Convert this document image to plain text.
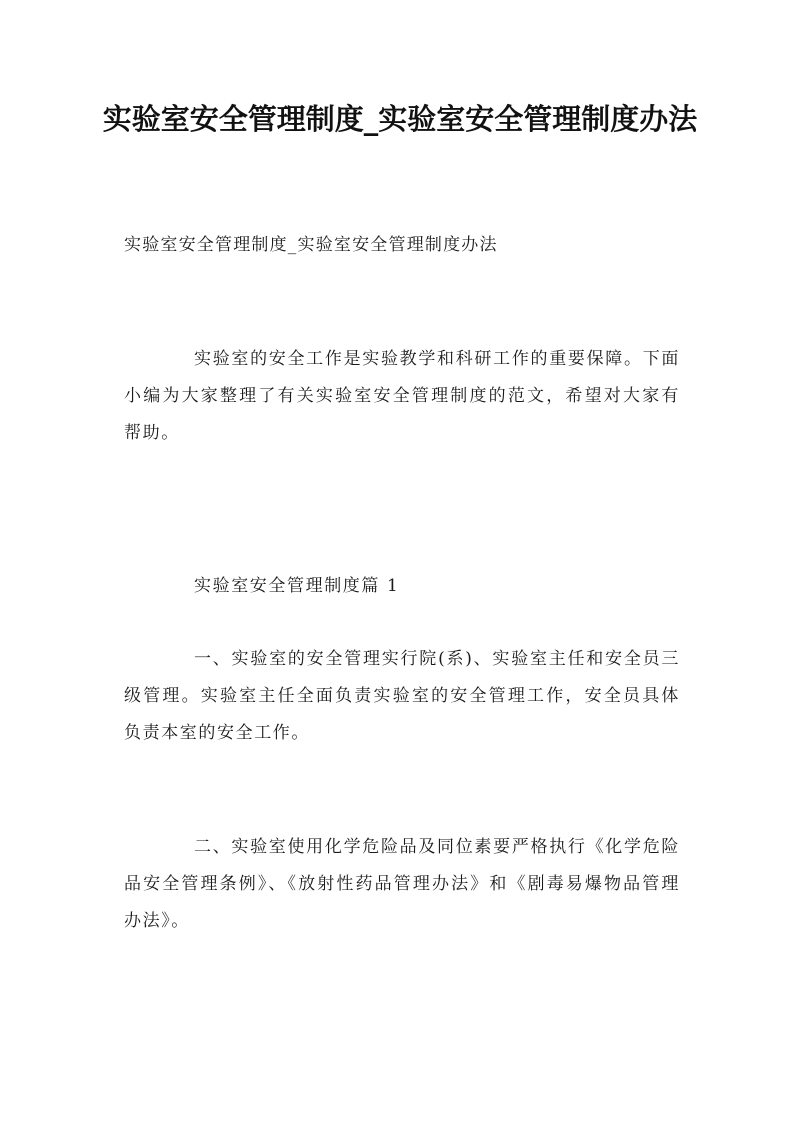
实验室安全管理制度_实验室安全管理制度办法

实验室安全管理制度_实验室安全管理制度办法

实验室的安全工作是实验教学和科研工作的重要保障。下面小编为大家整理了有关实验室安全管理制度的范文，希望对大家有帮助。

实验室安全管理制度篇 1

一、实验室的安全管理实行院(系)、实验室主任和安全员三级管理。实验室主任全面负责实验室的安全管理工作，安全员具体负责本室的安全工作。

二、实验室使用化学危险品及同位素要严格执行《化学危险品安全管理条例》、《放射性药品管理办法》和《剧毒易爆物品管理办法》。
